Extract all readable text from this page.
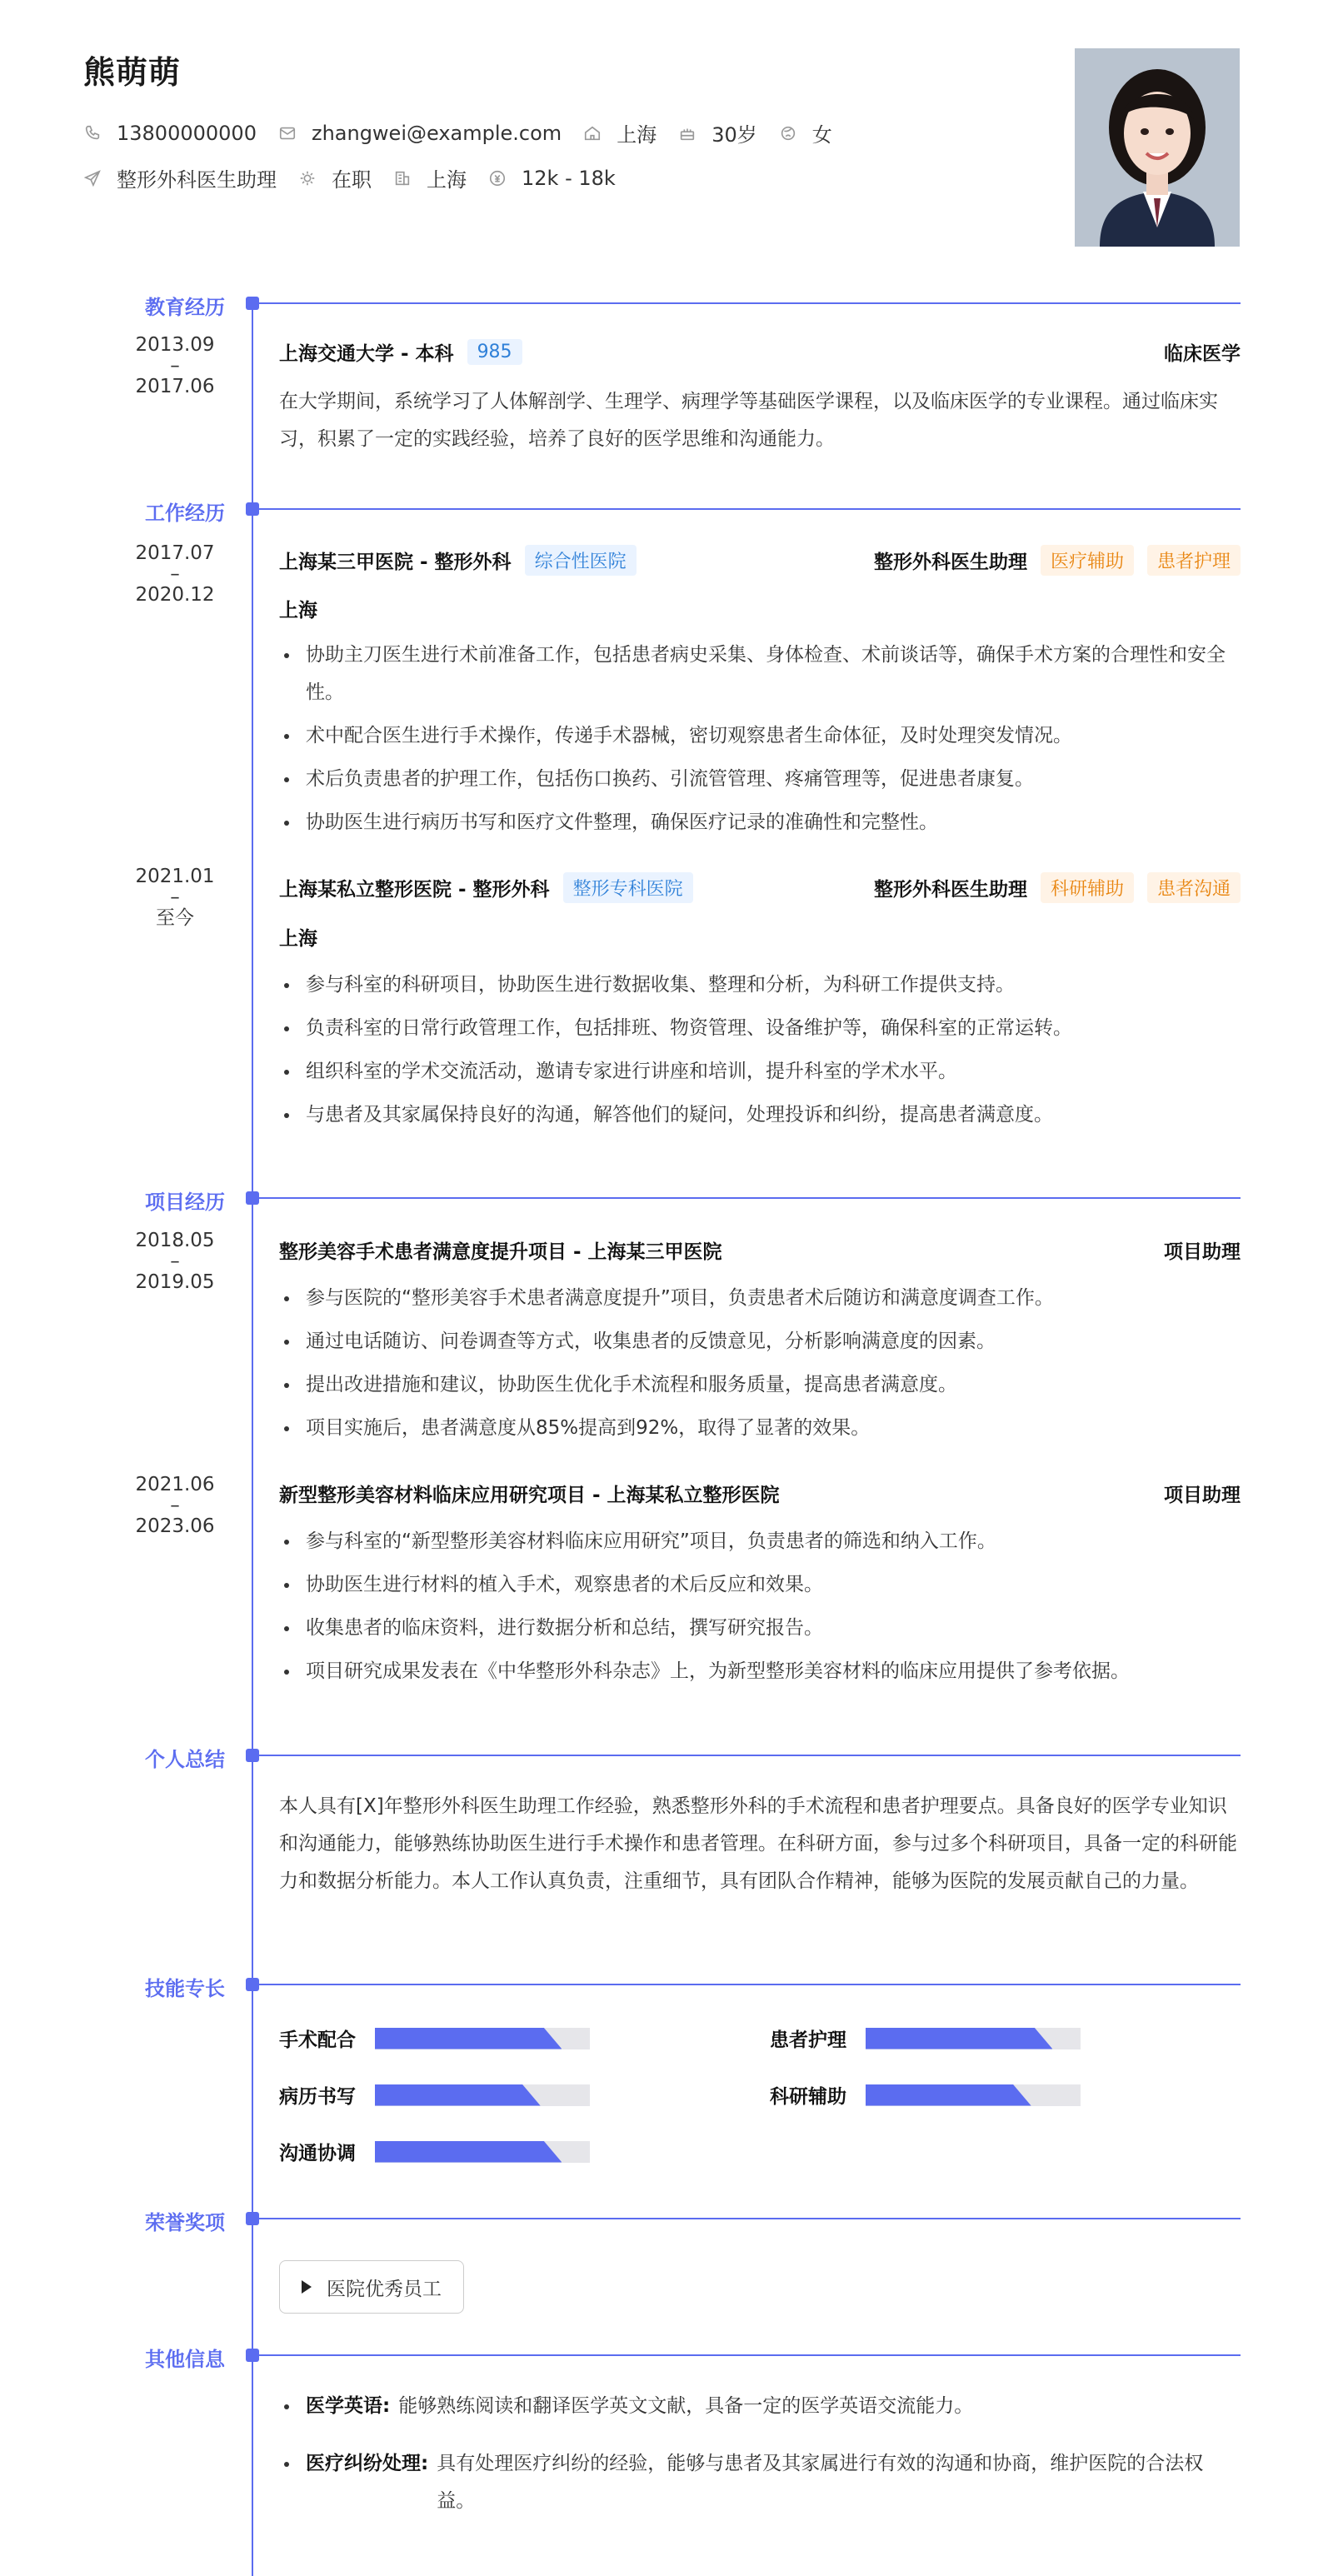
熊萌萌
13800000000	zhangwei@example.com	上海	30岁	女
整形外科医生助理	在职	上海	12k - 18k
教育经历
2013.09
–
2017.06
上海交通大学 - 本科	985	临床医学
在大学期间，系统学习了人体解剖学、生理学、病理学等基础医学课程，以及临床医学的专业课程。通过临床实习，积累了一定的实践经验，培养了良好的医学思维和沟通能力。
工作经历
2017.07
–
2020.12
上海某三甲医院 - 整形外科	综合性医院	整形外科医生助理	医疗辅助	患者护理
上海
协助主刀医生进行术前准备工作，包括患者病史采集、身体检查、术前谈话等，确保手术方案的合理性和安全性。
术中配合医生进行手术操作，传递手术器械，密切观察患者生命体征，及时处理突发情况。
术后负责患者的护理工作，包括伤口换药、引流管管理、疼痛管理等，促进患者康复。
协助医生进行病历书写和医疗文件整理，确保医疗记录的准确性和完整性。
2021.01
–
至今
上海某私立整形医院 - 整形外科	整形专科医院	整形外科医生助理	科研辅助	患者沟通
上海
参与科室的科研项目，协助医生进行数据收集、整理和分析，为科研工作提供支持。
负责科室的日常行政管理工作，包括排班、物资管理、设备维护等，确保科室的正常运转。
组织科室的学术交流活动，邀请专家进行讲座和培训，提升科室的学术水平。
与患者及其家属保持良好的沟通，解答他们的疑问，处理投诉和纠纷，提高患者满意度。
项目经历
2018.05
–
2019.05
整形美容手术患者满意度提升项目 - 上海某三甲医院	项目助理
参与医院的“整形美容手术患者满意度提升”项目，负责患者术后随访和满意度调查工作。
通过电话随访、问卷调查等方式，收集患者的反馈意见，分析影响满意度的因素。
提出改进措施和建议，协助医生优化手术流程和服务质量，提高患者满意度。
项目实施后，患者满意度从85%提高到92%，取得了显著的效果。
2021.06
–
2023.06
新型整形美容材料临床应用研究项目 - 上海某私立整形医院	项目助理
参与科室的“新型整形美容材料临床应用研究”项目，负责患者的筛选和纳入工作。
协助医生进行材料的植入手术，观察患者的术后反应和效果。
收集患者的临床资料，进行数据分析和总结，撰写研究报告。
项目研究成果发表在《中华整形外科杂志》上，为新型整形美容材料的临床应用提供了参考依据。
个人总结
本人具有[X]年整形外科医生助理工作经验，熟悉整形外科的手术流程和患者护理要点。具备良好的医学专业知识和沟通能力，能够熟练协助医生进行手术操作和患者管理。在科研方面，参与过多个科研项目，具备一定的科研能力和数据分析能力。本人工作认真负责，注重细节，具有团队合作精神，能够为医院的发展贡献自己的力量。
技能专长
手术配合	患者护理
病历书写	科研辅助
沟通协调
荣誉奖项
医院优秀员工
其他信息
医学英语: 能够熟练阅读和翻译医学英文文献，具备一定的医学英语交流能力。
医疗纠纷处理: 具有处理医疗纠纷的经验，能够与患者及其家属进行有效的沟通和协商，维护医院的合法权益。
